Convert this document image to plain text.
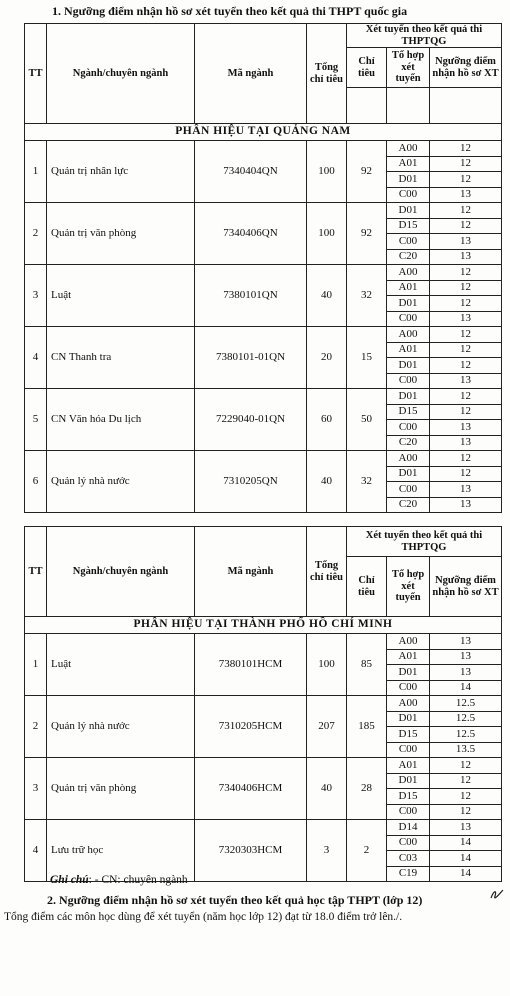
1. Ngưỡng điểm nhận hồ sơ xét tuyển theo kết quả thi THPT quốc gia
TT	Ngành/chuyên ngành	Mã ngành	Tổng chỉ tiêu	Xét tuyển theo kết quả thi THPTQG		
				Chỉ tiêu	Tổ hợp xét tuyển	Ngưỡng điểm nhận hồ sơ XT

PHÂN HIỆU TẠI QUẢNG NAM						
1	Quản trị nhân lực	7340404QN	100	92	A00	12
					A01	12
					D01	12
					C00	13
2	Quản trị văn phòng	7340406QN	100	92	D01	12
					D15	12
					C00	13
					C20	13
3	Luật	7380101QN	40	32	A00	12
					A01	12
					D01	12
					C00	13
4	CN Thanh tra	7380101-01QN	20	15	A00	12
					A01	12
					D01	12
					C00	13
5	CN Văn hóa Du lịch	7229040-01QN	60	50	D01	12
					D15	12
					C00	13
					C20	13
6	Quản lý nhà nước	7310205QN	40	32	A00	12
					D01	12
					C00	13
					C20	13
TT	Ngành/chuyên ngành	Mã ngành	Tổng chỉ tiêu	Xét tuyển theo kết quả thi THPTQG		
				Chỉ tiêu	Tổ hợp xét tuyển	Ngưỡng điểm nhận hồ sơ XT
PHÂN HIỆU TẠI THÀNH PHỐ HỒ CHÍ MINH						
1	Luật	7380101HCM	100	85	A00	13
					A01	13
					D01	13
					C00	14
2	Quản lý nhà nước	7310205HCM	207	185	A00	12.5
					D01	12.5
					D15	12.5
					C00	13.5
3	Quản trị văn phòng	7340406HCM	40	28	A01	12
					D01	12
					D15	12
					C00	12
4	Lưu trữ học	7320303HCM	3	2	D14	13
					C00	14
					C03	14
					C19	14
Ghi chú: - CN: chuyên ngành
2. Ngưỡng điểm nhận hồ sơ xét tuyển theo kết quả học tập THPT (lớp 12)
Tổng điểm các môn học dùng để xét tuyển (năm học lớp 12) đạt từ 18.0 điểm trở lên./.
